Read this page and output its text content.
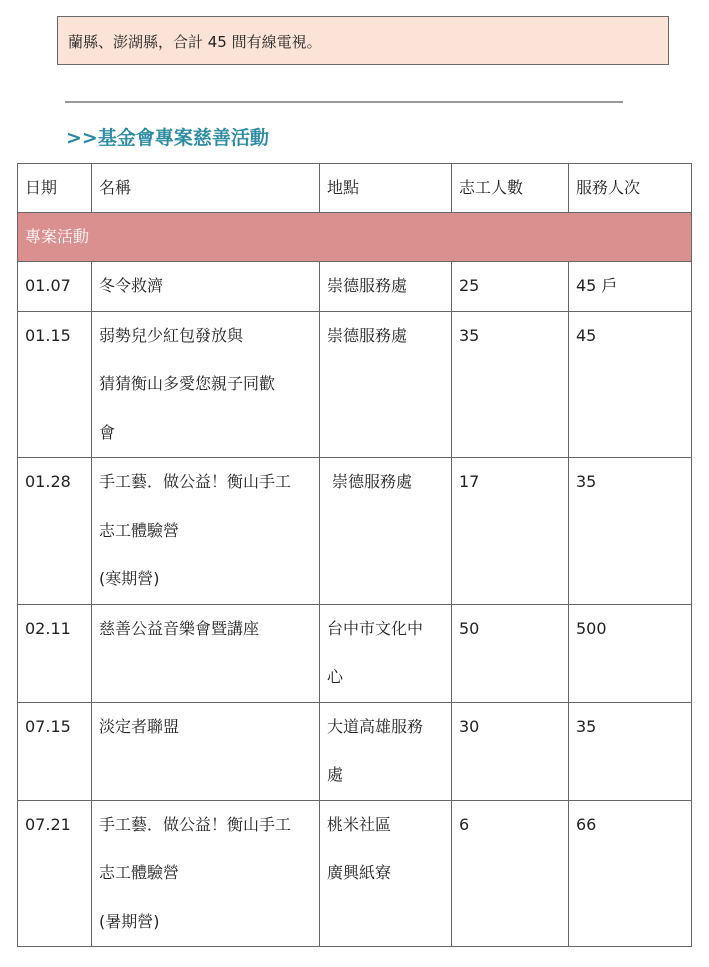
蘭縣、澎湖縣，合計 45 間有線電視。
>>基金會專案慈善活動
日期	名稱	地點	志工人數	服務人次
專案活動				

01.07	冬令救濟	崇德服務處	25	45 戶

01.15	弱勢兒少紅包發放與
猜猜衡山多愛您親子同歡
會	崇德服務處	35	45

01.28	手工藝．做公益！衡山手工
志工體驗營
(寒期營)	崇德服務處	17	35

02.11	慈善公益音樂會暨講座	台中市文化中
心	50	500

07.15	淡定者聯盟	大道高雄服務
處	30	35

07.21	手工藝．做公益！衡山手工
志工體驗營
(暑期營)	桃米社區
廣興紙寮	6	66
